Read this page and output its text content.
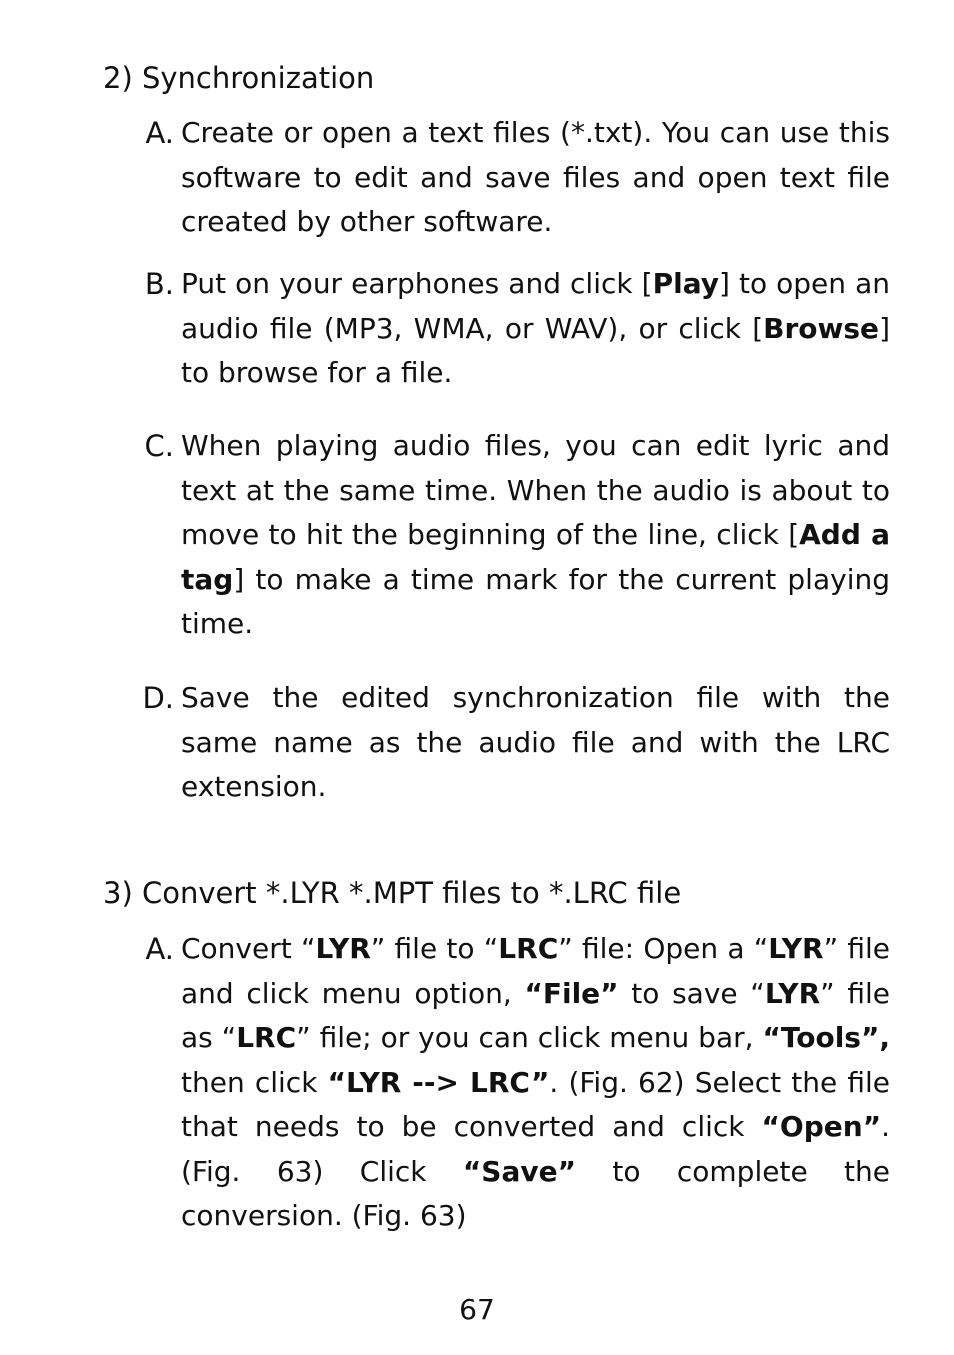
2) Synchronization
A. Create or open a text files (*.txt). You can use this software to edit and save files and open text file created by other software.
B. Put on your earphones and click [Play] to open an audio file (MP3, WMA, or WAV), or click [Browse] to browse for a file.
C. When playing audio files, you can edit lyric and text at the same time. When the audio is about to move to hit the beginning of the line, click [Add a tag] to make a time mark for the current playing time.
D. Save the edited synchronization file with the same name as the audio file and with the LRC extension.
3) Convert *.LYR *.MPT files to *.LRC file
A. Convert “LYR” file to “LRC” file: Open a “LYR” file and click menu option, “File” to save “LYR” file as “LRC” file; or you can click menu bar, “Tools”, then click “LYR --> LRC”. (Fig. 62) Select the file that needs to be converted and click “Open”. (Fig. 63) Click “Save” to complete the conversion. (Fig. 63)
67
